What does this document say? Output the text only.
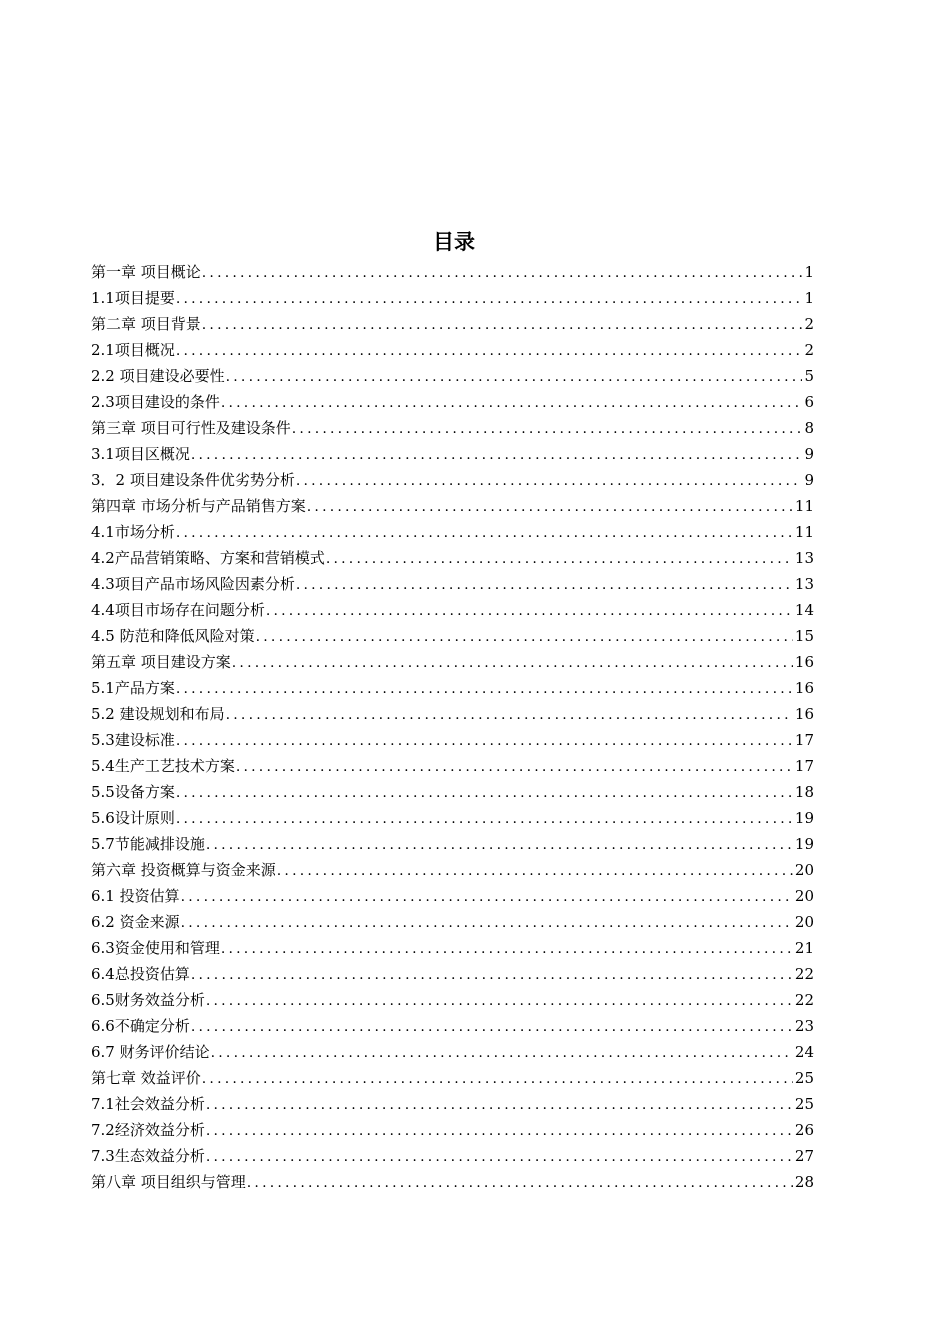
目录
第一章 项目概论 .....	1
1.1项目提要 .....	1
第二章 项目背景 .....	2
2.1项目概况 .....	2
2.2 项目建设必要性 .....	5
2.3项目建设的条件 .....	6
第三章 项目可行性及建设条件 .....	8
3.1项目区概况 .....	9
3．2 项目建设条件优劣势分析 .....	9
第四章 市场分析与产品销售方案 .....	11
4.1市场分析 .....	11
4.2产品营销策略、方案和营销模式 .....	13
4.3项目产品市场风险因素分析 .....	13
4.4项目市场存在问题分析 .....	14
4.5 防范和降低风险对策 .....	15
第五章 项目建设方案 .....	16
5.1产品方案 .....	16
5.2 建设规划和布局 .....	16
5.3建设标准 .....	17
5.4生产工艺技术方案 .....	17
5.5设备方案 .....	18
5.6设计原则 .....	19
5.7节能减排设施 .....	19
第六章 投资概算与资金来源 .....	20
6.1 投资估算 .....	20
6.2 资金来源 .....	20
6.3资金使用和管理 .....	21
6.4总投资估算 .....	22
6.5财务效益分析 .....	22
6.6不确定分析 .....	23
6.7 财务评价结论 .....	24
第七章 效益评价 .....	25
7.1社会效益分析 .....	25
7.2经济效益分析 .....	26
7.3生态效益分析 .....	27
第八章 项目组织与管理 .....	28
